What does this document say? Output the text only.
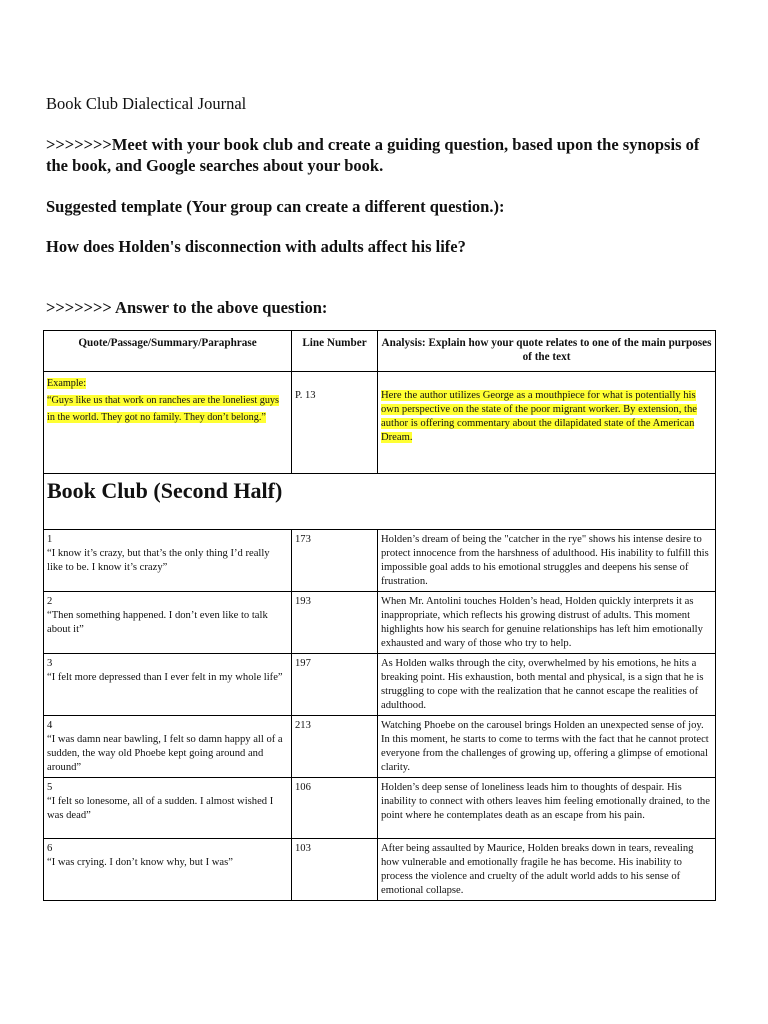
Book Club Dialectical Journal
>>>>>>>Meet with your book club and create a guiding question, based upon the synopsis of the book, and Google searches about your book.
Suggested template (Your group can create a different question.):
How does Holden's disconnection with adults affect his life?
>>>>>>> Answer to the above question:
Quote/Passage/Summary/Paraphrase	Line Number	Analysis: Explain how your quote relates to one of the main purposes of the text
Example:
“Guys like us that work on ranches are the loneliest guys in the world. They got no family. They don’t belong.”	P. 13	Here the author utilizes George as a mouthpiece for what is potentially his own perspective on the state of the poor migrant worker. By extension, the author is offering commentary about the dilapidated state of the American Dream.
Book Club (Second Half)		
1
“I know it’s crazy, but that’s the only thing I’d really like to be. I know it’s crazy”	173	Holden’s dream of being the "catcher in the rye" shows his intense desire to protect innocence from the harshness of adulthood. His inability to fulfill this impossible goal adds to his emotional struggles and deepens his sense of frustration.
2
“Then something happened. I don’t even like to talk about it”	193	When Mr. Antolini touches Holden’s head, Holden quickly interprets it as inappropriate, which reflects his growing distrust of adults. This moment highlights how his search for genuine relationships has left him emotionally exhausted and wary of those who try to help.
3
“I felt more depressed than I ever felt in my whole life”	197	As Holden walks through the city, overwhelmed by his emotions, he hits a breaking point. His exhaustion, both mental and physical, is a sign that he is struggling to cope with the realization that he cannot escape the realities of adulthood.
4
“I was damn near bawling, I felt so damn happy all of a sudden, the way old Phoebe kept going around and around”	213	Watching Phoebe on the carousel brings Holden an unexpected sense of joy. In this moment, he starts to come to terms with the fact that he cannot protect everyone from the challenges of growing up, offering a glimpse of emotional clarity.
5
“I felt so lonesome, all of a sudden. I almost wished I was dead”	106	Holden’s deep sense of loneliness leads him to thoughts of despair. His inability to connect with others leaves him feeling emotionally drained, to the point where he contemplates death as an escape from his pain.
6
“I was crying. I don’t know why, but I was”	103	After being assaulted by Maurice, Holden breaks down in tears, revealing how vulnerable and emotionally fragile he has become. His inability to process the violence and cruelty of the adult world adds to his sense of emotional collapse.
